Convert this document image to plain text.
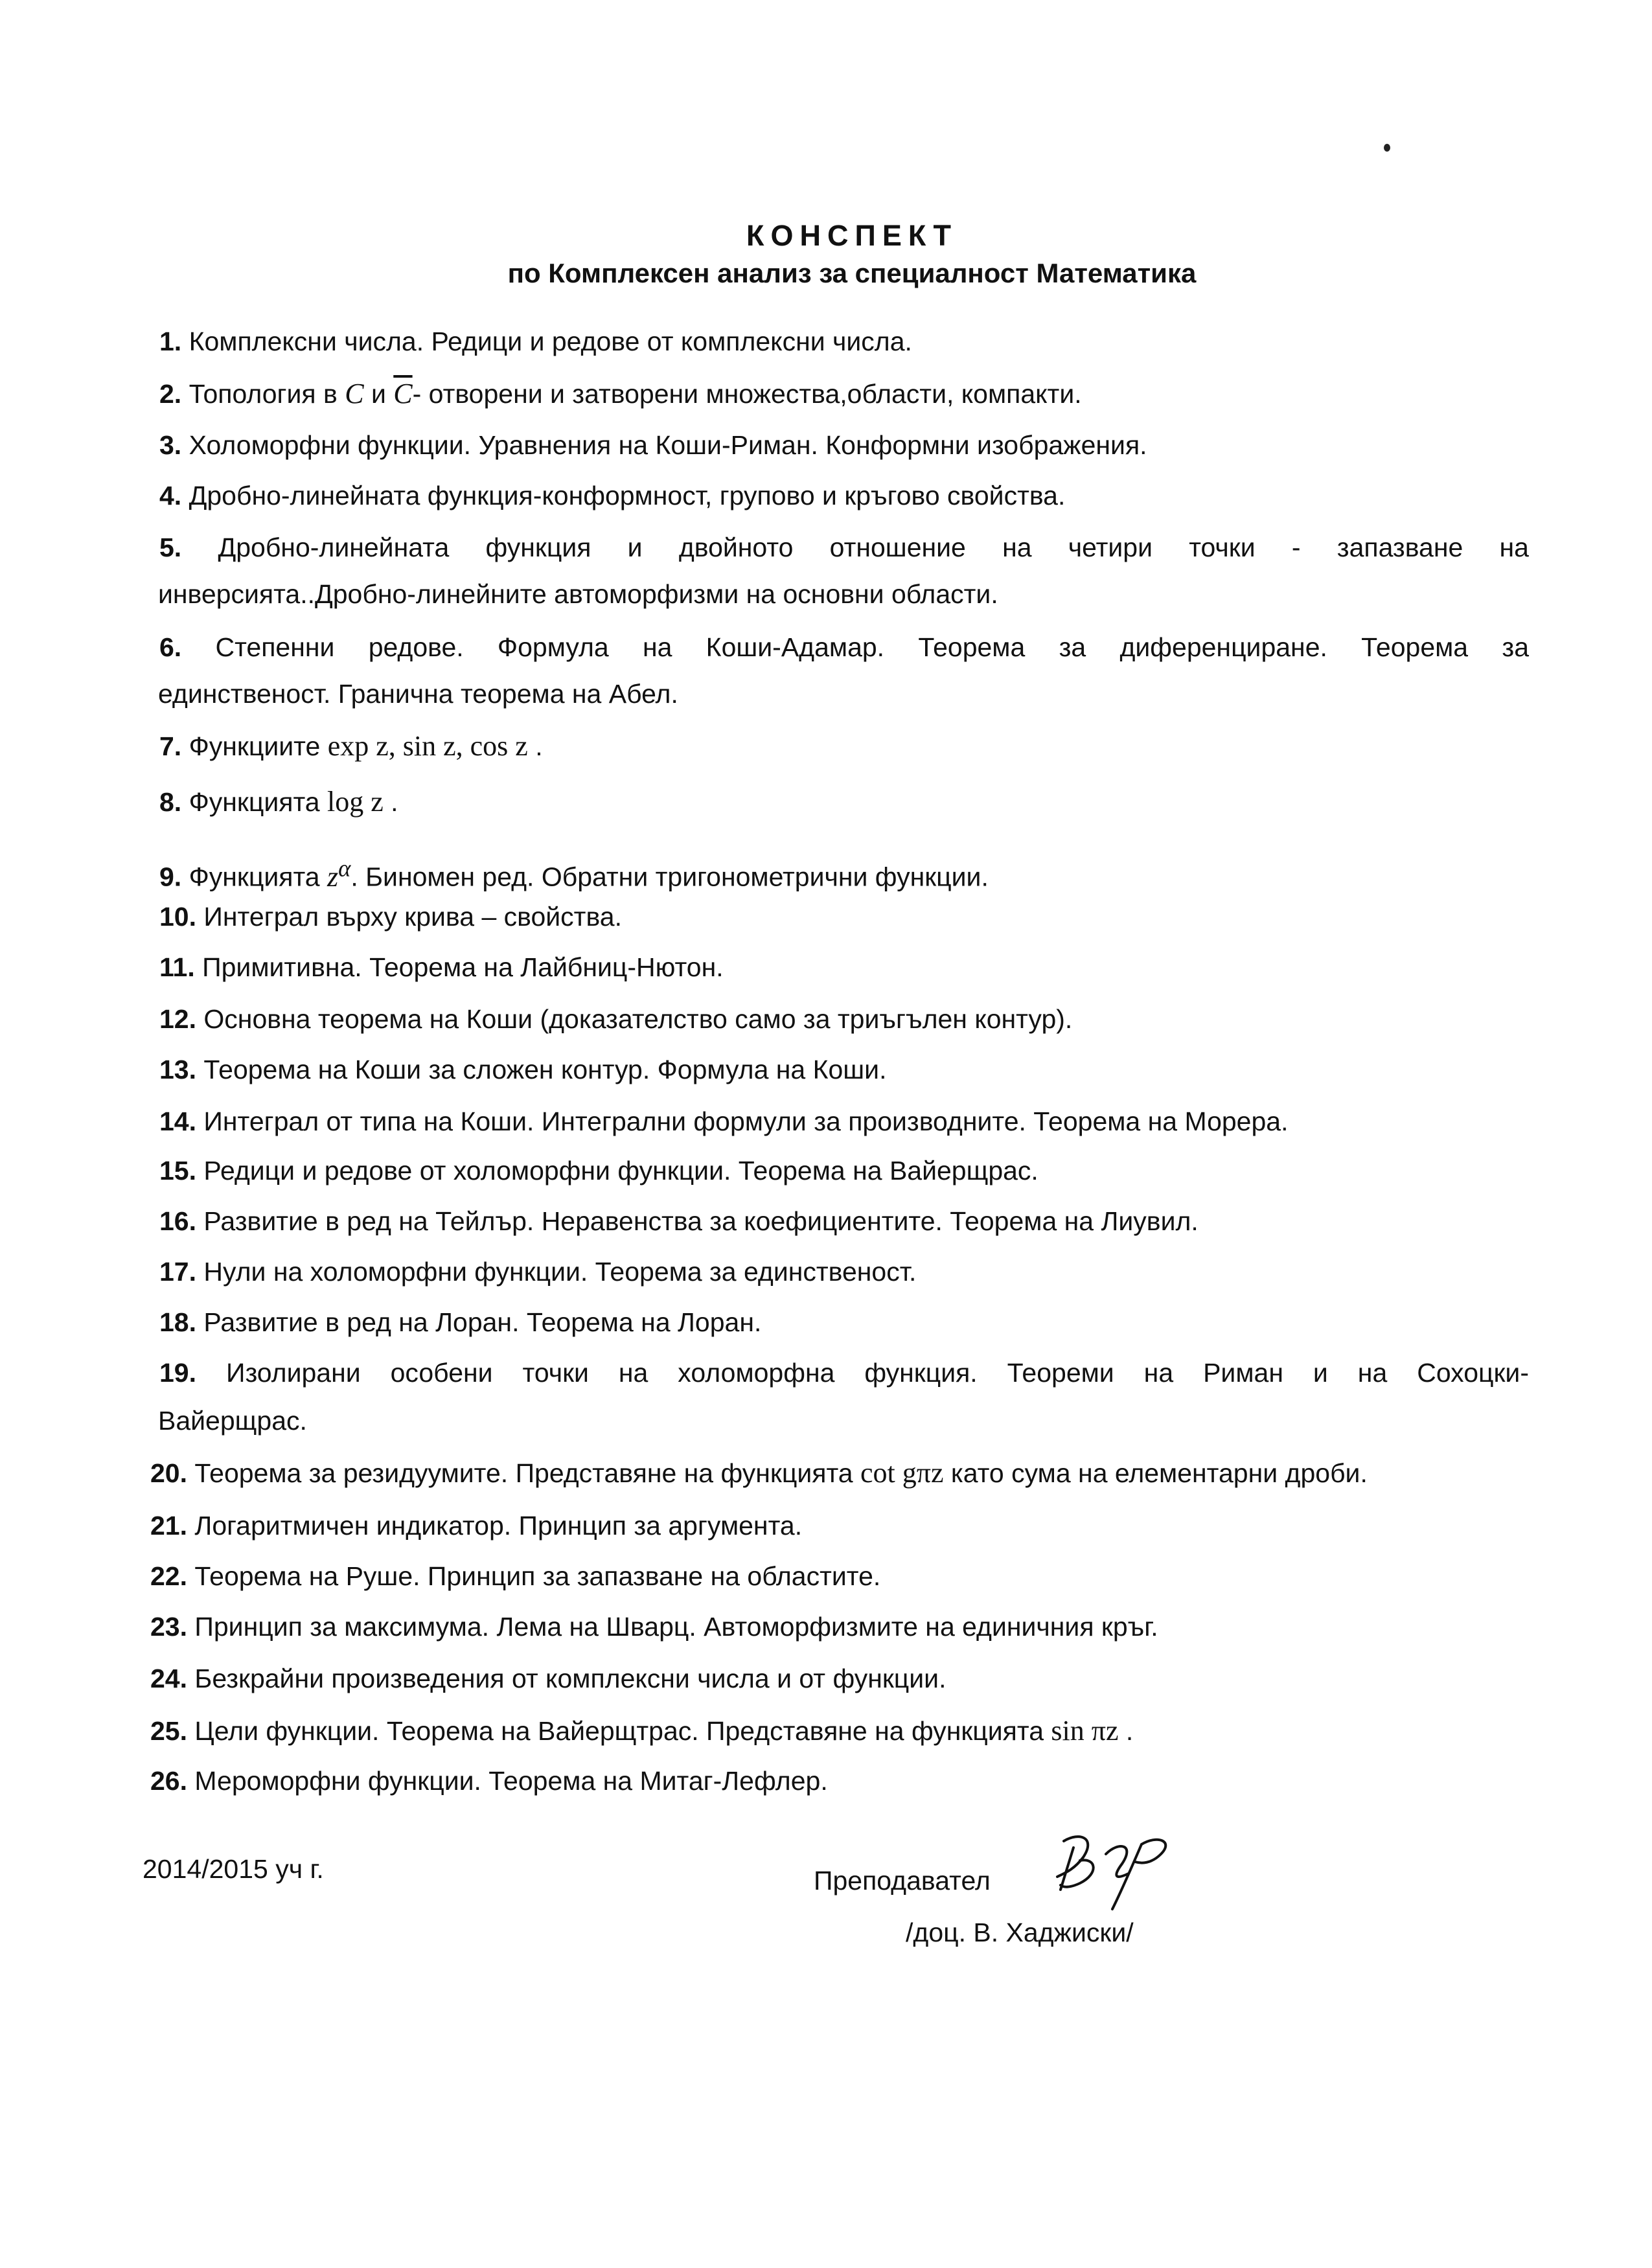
КОНСПЕКТ
по Комплексен анализ за специалност Математика
1. Комплексни числа. Редици и редове от комплексни числа.
2. Топология в C и $\overline{C}-$ отворени и затворени множества,области, компакти.
3. Холоморфни функции. Уравнения на Коши-Риман. Конформни изображения.
4. Дробно-линейната функция-конформност, групово и кръгово свойства.
5. Дробно-линейната функция и двойното отношение на четири точки - запазване на
инверсията..Дробно-линейните автоморфизми на основни области.
6. Степенни редове. Формула на Коши-Адамар. Теорема за диференциране. Теорема за
единственост. Гранична теорема на Абел.
7. Функциите exp z, sin z, cos z .
8. Функцията log z .
9. Функцията $z^\alpha$. Биномен ред. Обратни тригонометрични функции.
10. Интеграл върху крива – свойства.
11. Примитивна. Теорема на Лайбниц-Нютон.
12. Основна теорема на Коши (доказателство само за триъгълен контур).
13. Теорема на Коши за сложен контур. Формула на Коши.
14. Интеграл от типа на Коши. Интегрални формули за производните. Теорема на Морера.
15. Редици и редове от холоморфни функции. Теорема на Вайерщрас.
16. Развитие в ред на Тейлър. Неравенства за коефициентите. Теорема на Лиувил.
17. Нули на холоморфни функции. Теорема за единственост.
18. Развитие в ред на Лоран. Теорема на Лоран.
19. Изолирани особени точки на холоморфна функция. Теореми на Риман и на Сохоцки-
Вайерщрас.
20. Теорема за резидуумите. Представяне на функцията cot gπz като сума на елементарни дроби.
21. Логаритмичен индикатор. Принцип за аргумента.
22. Теорема на Руше. Принцип за запазване на областите.
23. Принцип за максимума. Лема на Шварц. Автоморфизмите на единичния кръг.
24. Безкрайни произведения от комплексни числа и от функции.
25. Цели функции. Теорема на Вайерщтрас. Представяне на функцията sin πz .
26. Мероморфни функции. Теорема на Митаг-Лефлер.
2014/2015 уч г.	Преподавател
/доц. В. Хаджиски/
